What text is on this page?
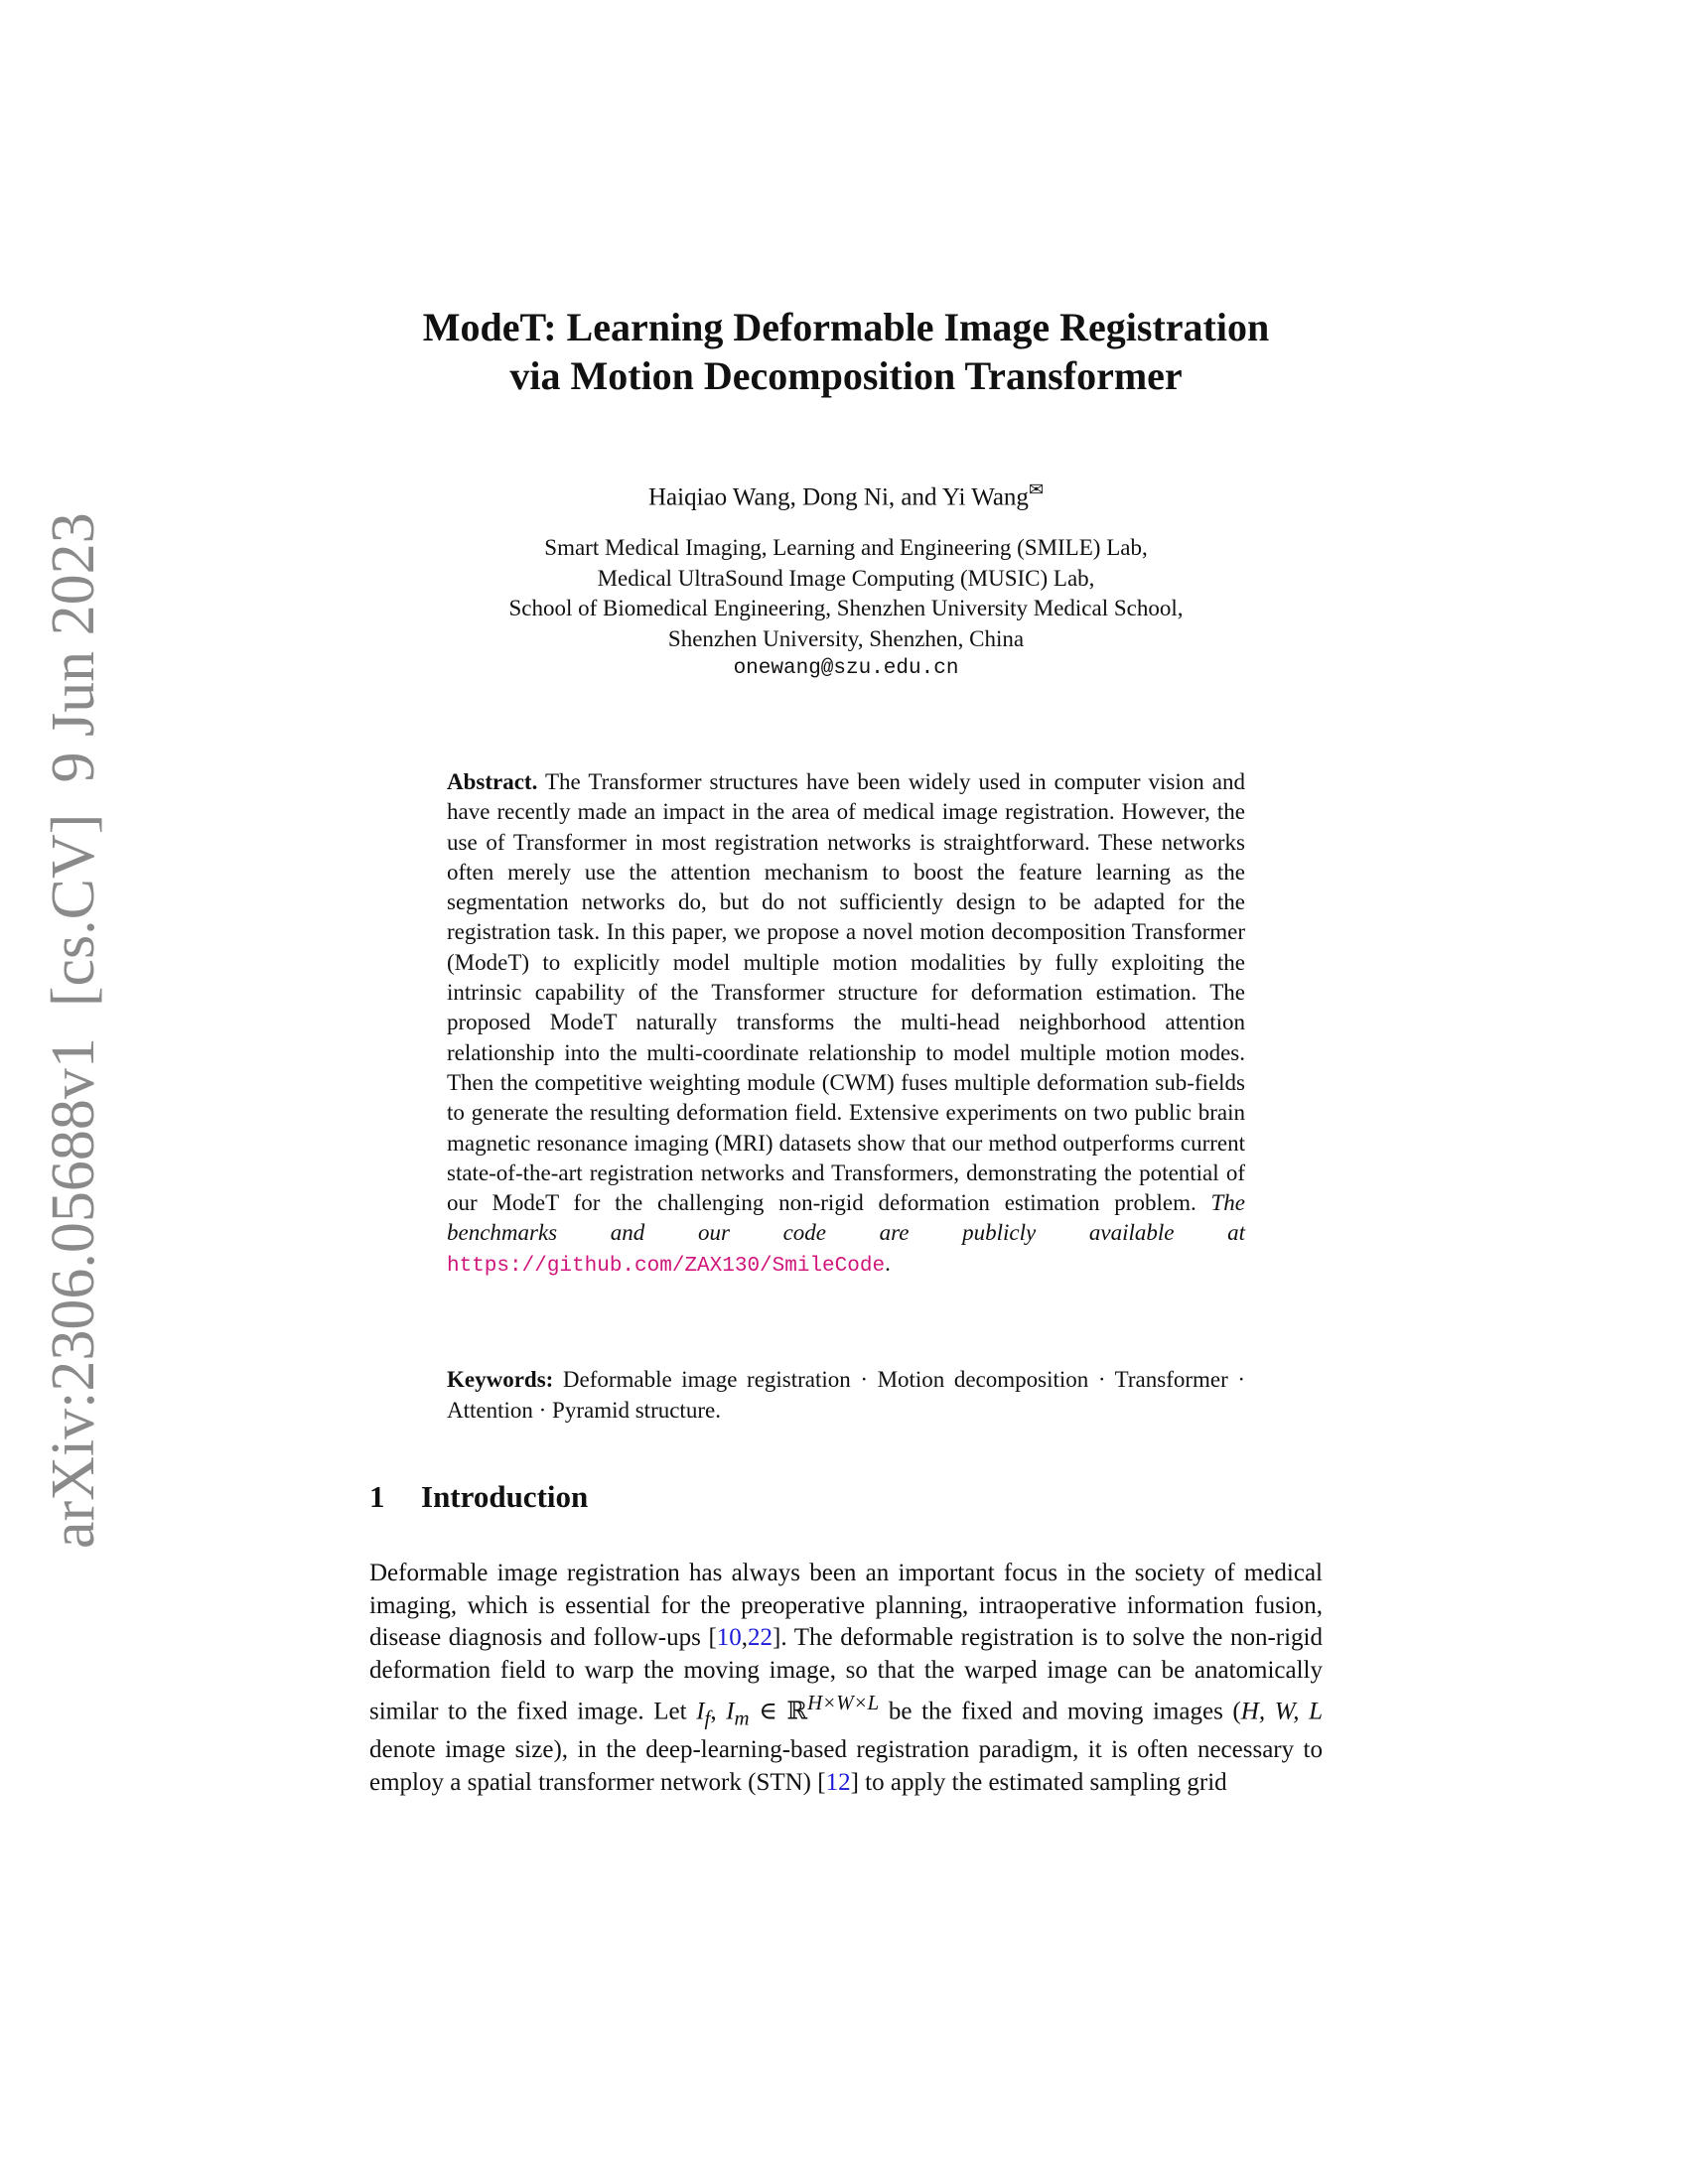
arXiv:2306.05688v1  [cs.CV]  9 Jun 2023
ModeT: Learning Deformable Image Registration
via Motion Decomposition Transformer
Haiqiao Wang, Dong Ni, and Yi Wang✉
Smart Medical Imaging, Learning and Engineering (SMILE) Lab,
Medical UltraSound Image Computing (MUSIC) Lab,
School of Biomedical Engineering, Shenzhen University Medical School,
Shenzhen University, Shenzhen, China
onewang@szu.edu.cn
Abstract. The Transformer structures have been widely used in computer vision and have recently made an impact in the area of medical image registration. However, the use of Transformer in most registration networks is straightforward. These networks often merely use the attention mechanism to boost the feature learning as the segmentation networks do, but do not sufficiently design to be adapted for the registration task. In this paper, we propose a novel motion decomposition Transformer (ModeT) to explicitly model multiple motion modalities by fully exploiting the intrinsic capability of the Transformer structure for deformation estimation. The proposed ModeT naturally transforms the multi-head neighborhood attention relationship into the multi-coordinate relationship to model multiple motion modes. Then the competitive weighting module (CWM) fuses multiple deformation sub-fields to generate the resulting deformation field. Extensive experiments on two public brain magnetic resonance imaging (MRI) datasets show that our method outperforms current state-of-the-art registration networks and Transformers, demonstrating the potential of our ModeT for the challenging non-rigid deformation estimation problem. The benchmarks and our code are publicly available at https://github.com/ZAX130/SmileCode.
Keywords: Deformable image registration · Motion decomposition · Transformer · Attention · Pyramid structure.
1 Introduction
Deformable image registration has always been an important focus in the society of medical imaging, which is essential for the preoperative planning, intraoperative information fusion, disease diagnosis and follow-ups [10,22]. The deformable registration is to solve the non-rigid deformation field to warp the moving image, so that the warped image can be anatomically similar to the fixed image. Let $I_f$, $I_m$ ∈ ℝ$^{H\times W\times L}$ be the fixed and moving images (H, W, L denote image size), in the deep-learning-based registration paradigm, it is often necessary to employ a spatial transformer network (STN) [12] to apply the estimated sampling grid
